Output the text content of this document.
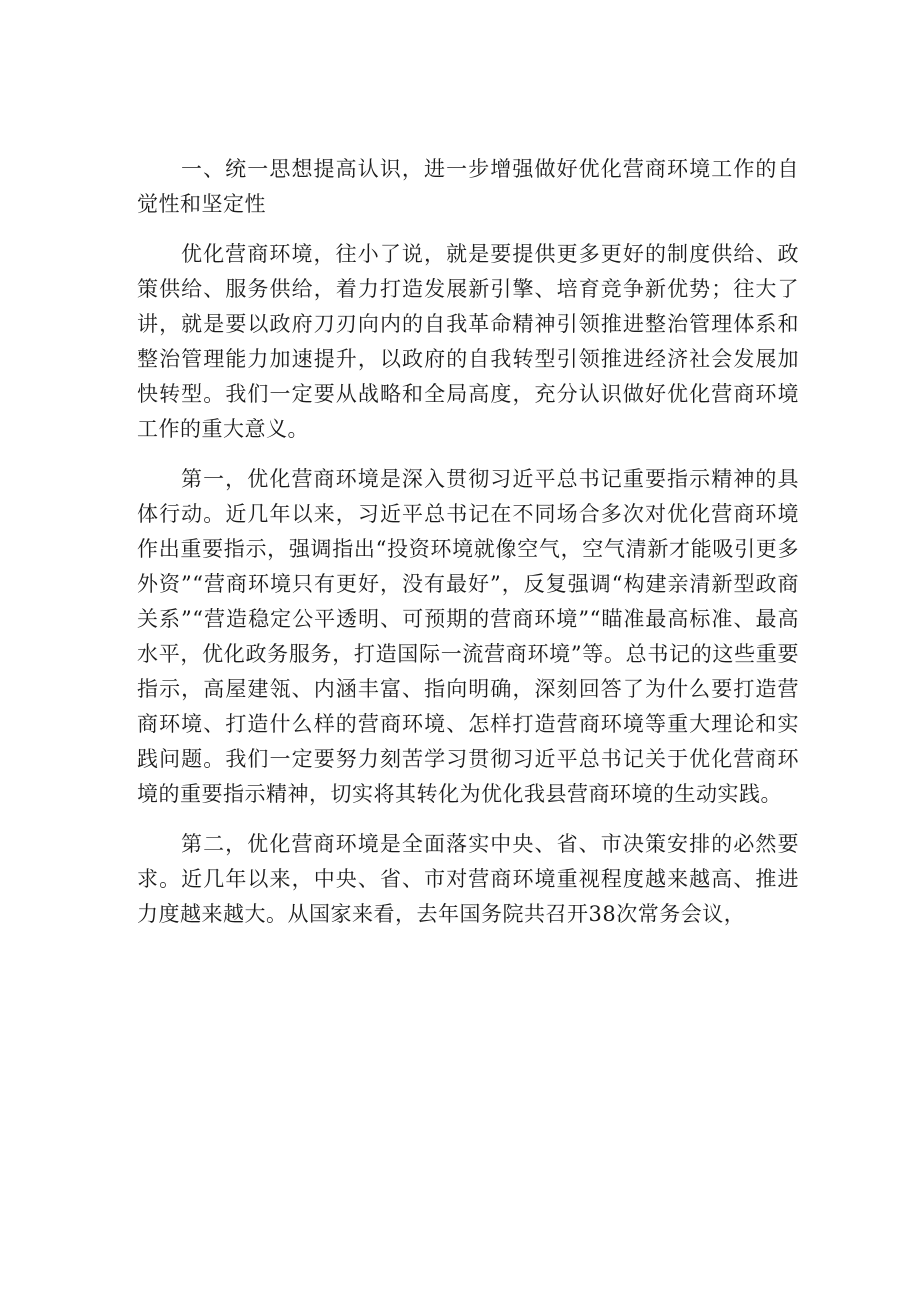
一、统一思想提高认识，进一步增强做好优化营商环境工作的自觉性和坚定性

优化营商环境，往小了说，就是要提供更多更好的制度供给、政策供给、服务供给，着力打造发展新引擎、培育竞争新优势；往大了讲，就是要以政府刀刃向内的自我革命精神引领推进整治管理体系和整治管理能力加速提升，以政府的自我转型引领推进经济社会发展加快转型。我们一定要从战略和全局高度，充分认识做好优化营商环境工作的重大意义。

第一，优化营商环境是深入贯彻习近平总书记重要指示精神的具体行动。近几年以来，习近平总书记在不同场合多次对优化营商环境作出重要指示，强调指出“投资环境就像空气，空气清新才能吸引更多外资”“营商环境只有更好，没有最好”，反复强调“构建亲清新型政商关系”“营造稳定公平透明、可预期的营商环境”“瞄准最高标准、最高水平，优化政务服务，打造国际一流营商环境”等。总书记的这些重要指示，高屋建瓴、内涵丰富、指向明确，深刻回答了为什么要打造营商环境、打造什么样的营商环境、怎样打造营商环境等重大理论和实践问题。我们一定要努力刻苦学习贯彻习近平总书记关于优化营商环境的重要指示精神，切实将其转化为优化我县营商环境的生动实践。

第二，优化营商环境是全面落实中央、省、市决策安排的必然要求。近几年以来，中央、省、市对营商环境重视程度越来越高、推进力度越来越大。从国家来看，去年国务院共召开38次常务会议，
